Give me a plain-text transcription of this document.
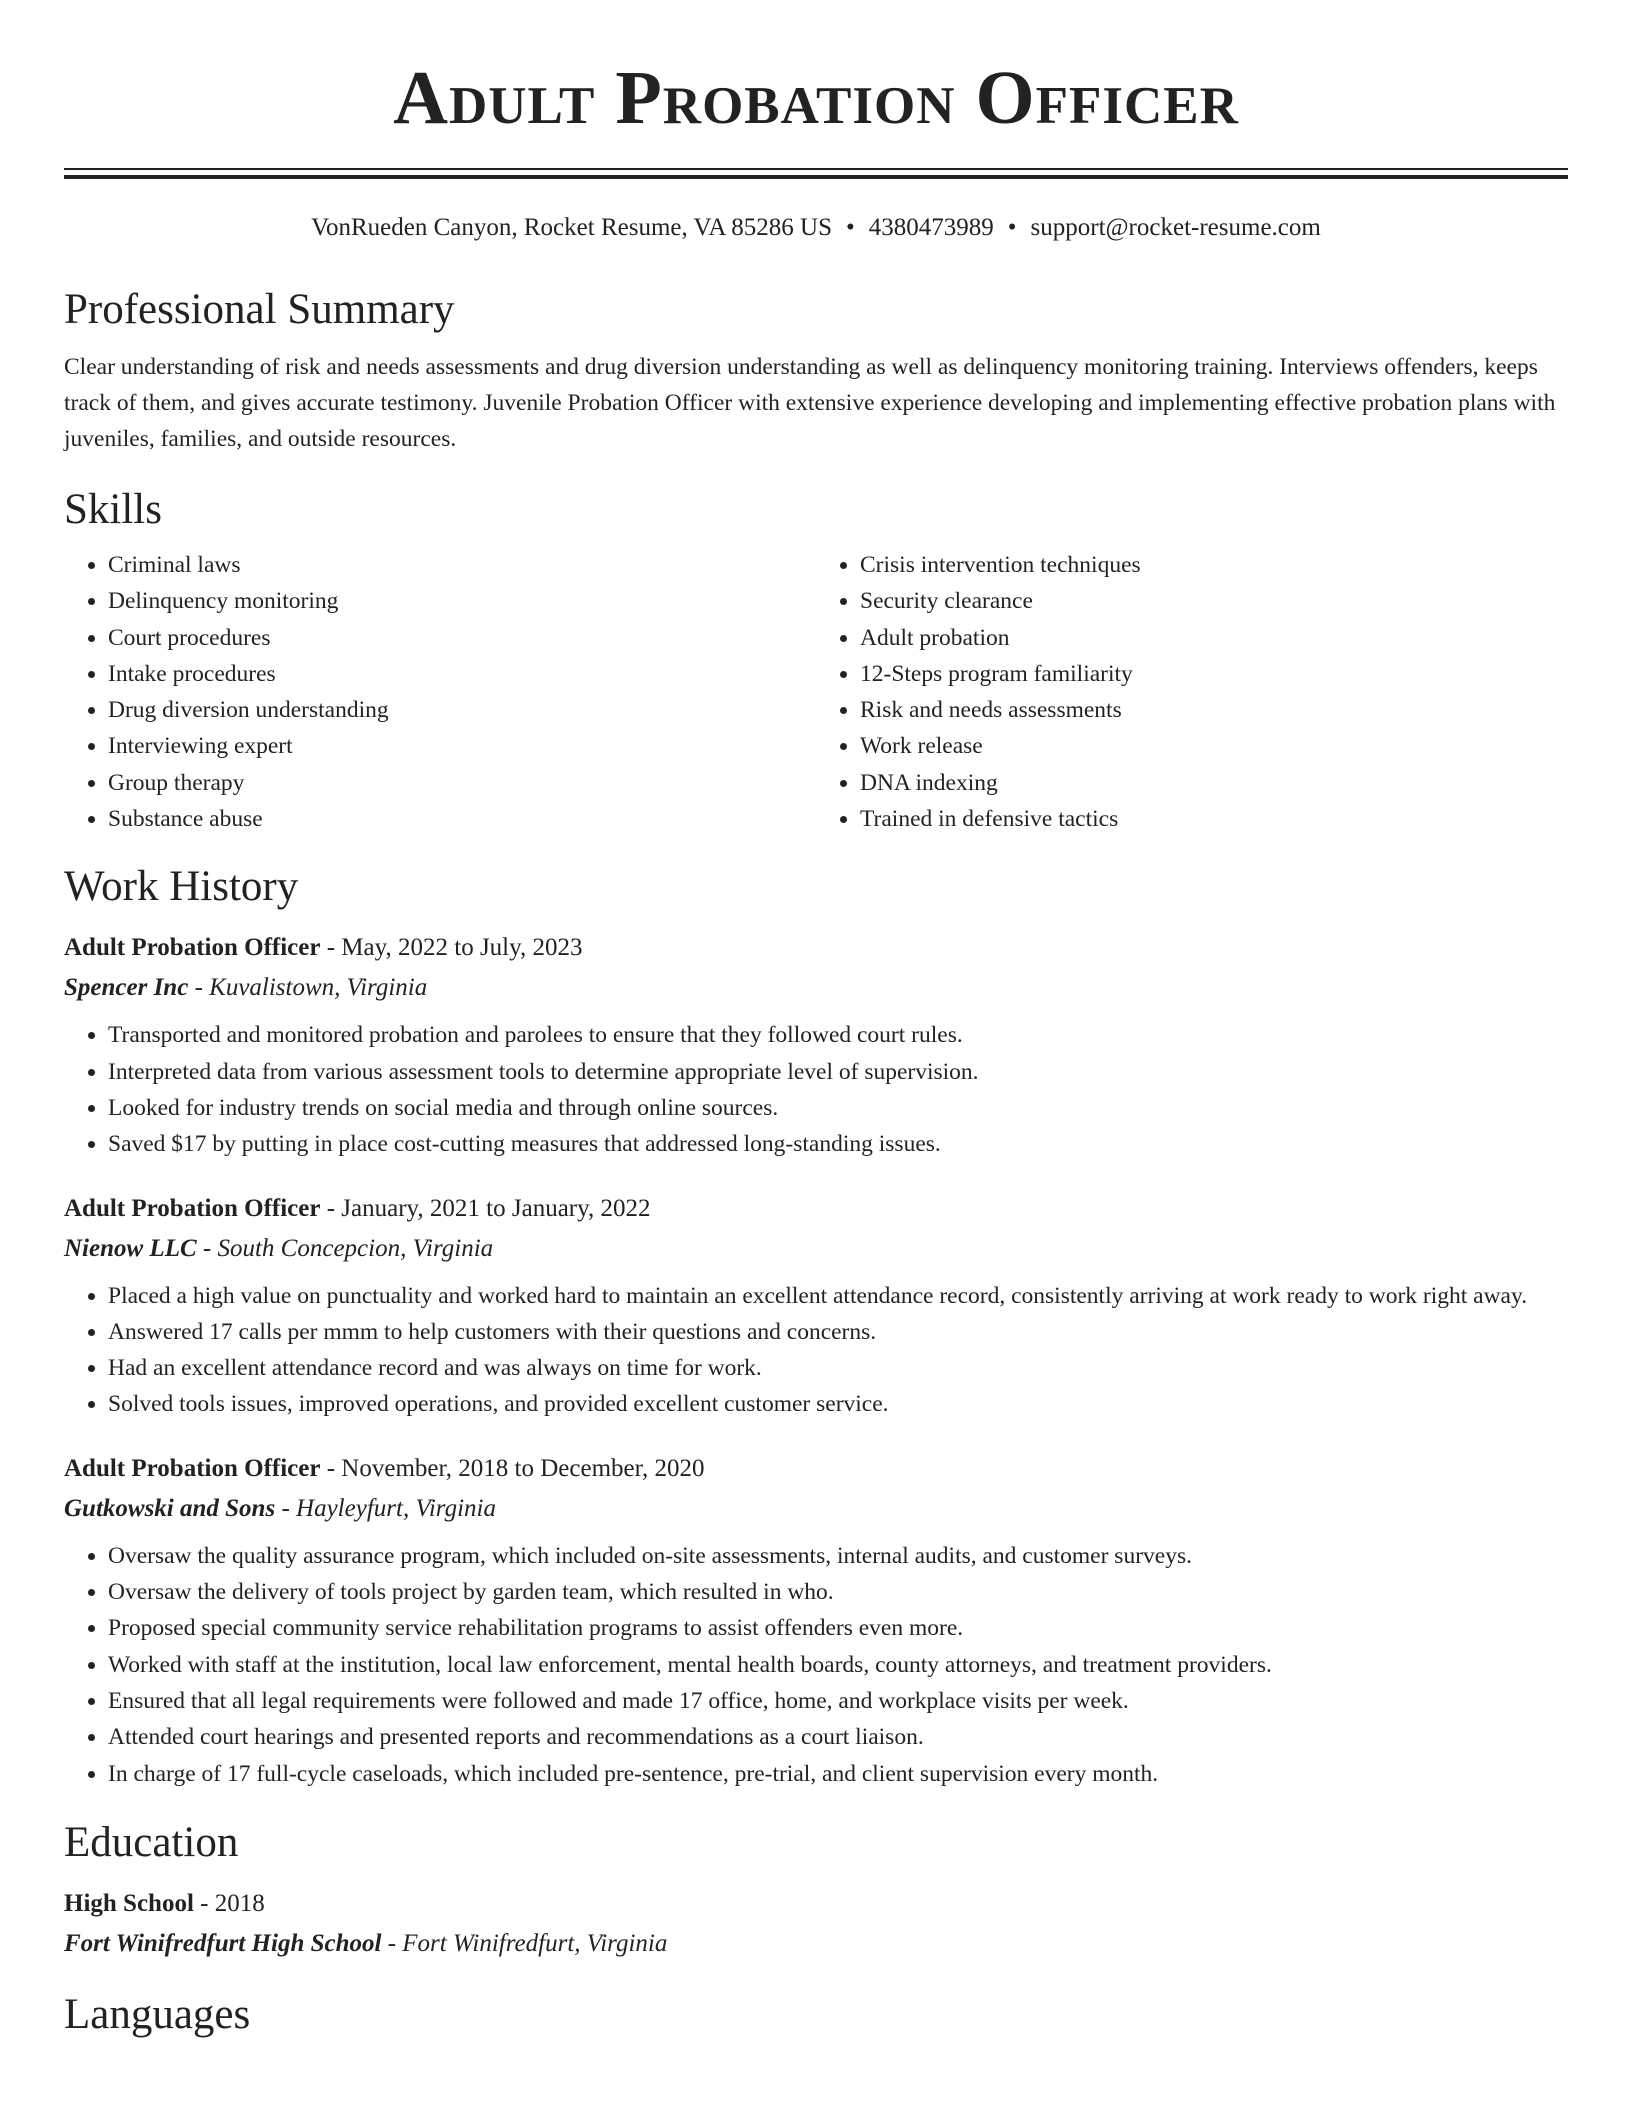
Adult Probation Officer
VonRueden Canyon, Rocket Resume, VA 85286 US • 4380473989 • support@rocket-resume.com
Professional Summary

Clear understanding of risk and needs assessments and drug diversion understanding as well as delinquency monitoring training. Interviews offenders, keeps track of them, and gives accurate testimony. Juvenile Probation Officer with extensive experience developing and implementing effective probation plans with juveniles, families, and outside resources.

Skills
• Criminal laws
• Delinquency monitoring
• Court procedures
• Intake procedures
• Drug diversion understanding
• Interviewing expert
• Group therapy
• Substance abuse
• Crisis intervention techniques
• Security clearance
• Adult probation
• 12-Steps program familiarity
• Risk and needs assessments
• Work release
• DNA indexing
• Trained in defensive tactics
Work History
Adult Probation Officer - May, 2022 to July, 2023
Spencer Inc - Kuvalistown, Virginia
• Transported and monitored probation and parolees to ensure that they followed court rules.
• Interpreted data from various assessment tools to determine appropriate level of supervision.
• Looked for industry trends on social media and through online sources.
• Saved $17 by putting in place cost-cutting measures that addressed long-standing issues.
Adult Probation Officer - January, 2021 to January, 2022
Nienow LLC - South Concepcion, Virginia
• Placed a high value on punctuality and worked hard to maintain an excellent attendance record, consistently arriving at work ready to work right away.
• Answered 17 calls per mmm to help customers with their questions and concerns.
• Had an excellent attendance record and was always on time for work.
• Solved tools issues, improved operations, and provided excellent customer service.
Adult Probation Officer - November, 2018 to December, 2020
Gutkowski and Sons - Hayleyfurt, Virginia
• Oversaw the quality assurance program, which included on-site assessments, internal audits, and customer surveys.
• Oversaw the delivery of tools project by garden team, which resulted in who.
• Proposed special community service rehabilitation programs to assist offenders even more.
• Worked with staff at the institution, local law enforcement, mental health boards, county attorneys, and treatment providers.
• Ensured that all legal requirements were followed and made 17 office, home, and workplace visits per week.
• Attended court hearings and presented reports and recommendations as a court liaison.
• In charge of 17 full-cycle caseloads, which included pre-sentence, pre-trial, and client supervision every month.
Education
High School - 2018
Fort Winifredfurt High School - Fort Winifredfurt, Virginia
Languages
